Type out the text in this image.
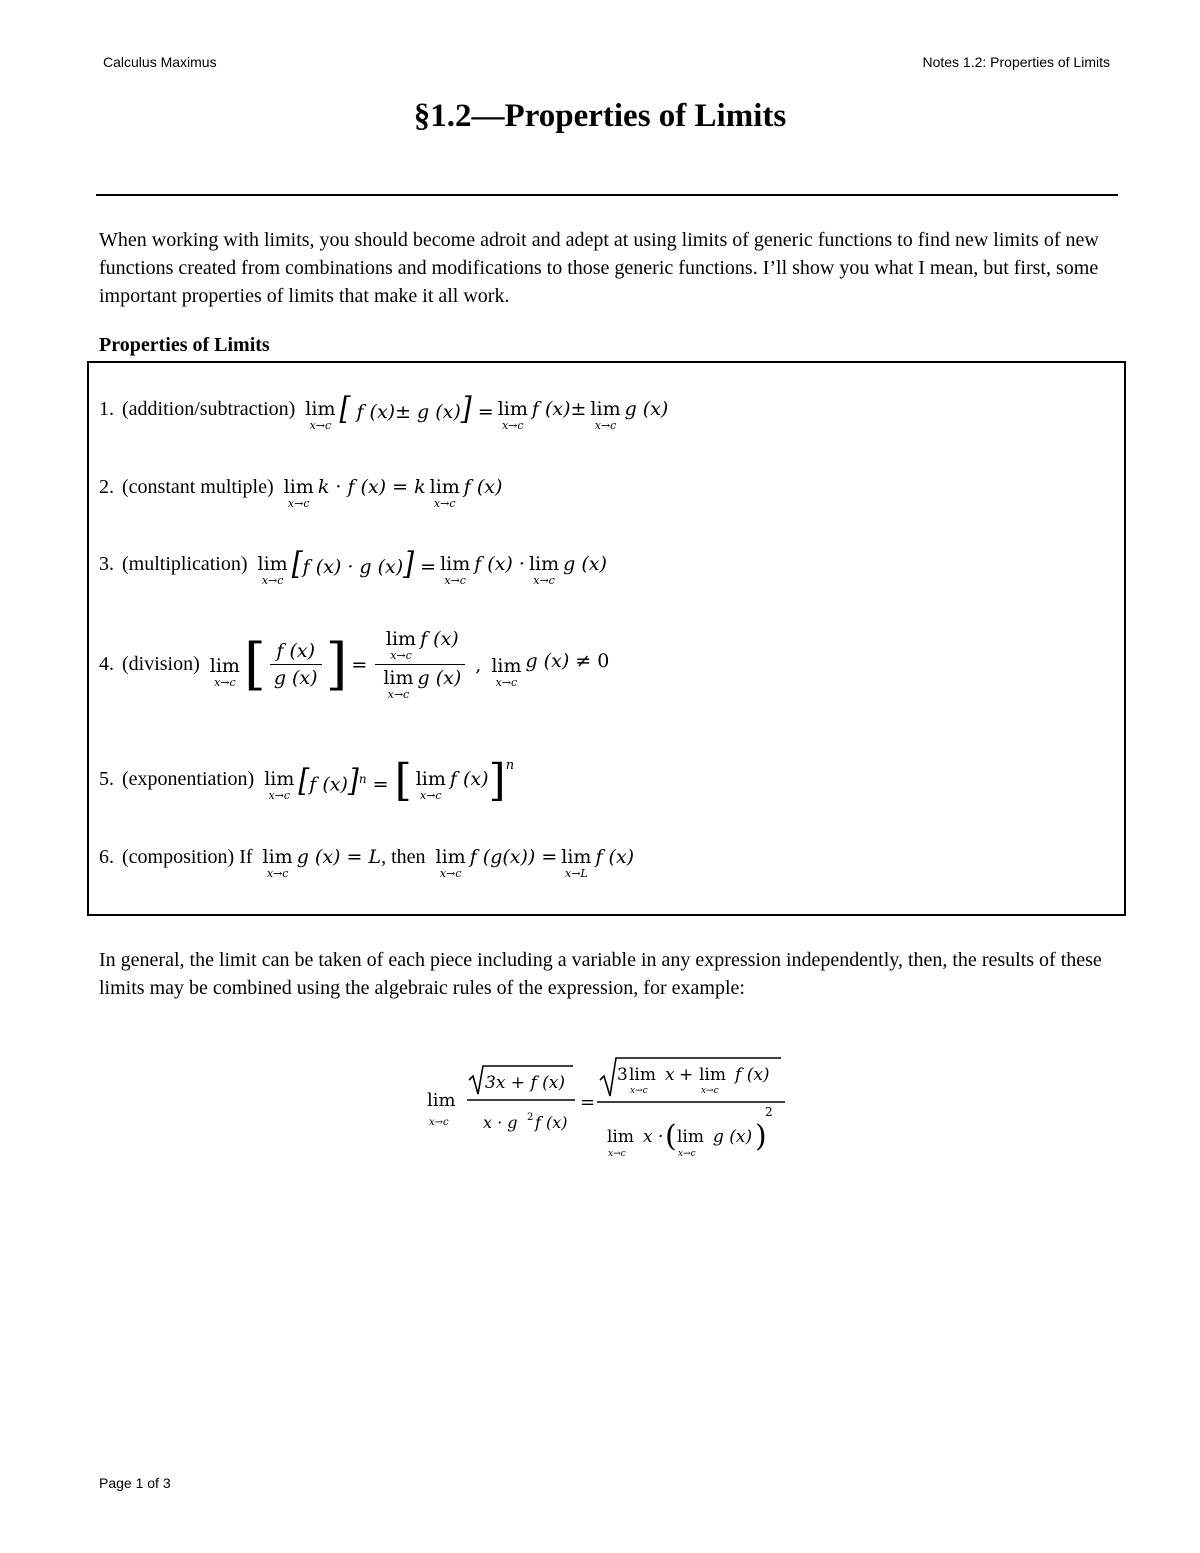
Calculus Maximus	Notes 1.2: Properties of Limits
§1.2—Properties of Limits

When working with limits, you should become adroit and adept at using limits of generic functions to find new limits of new functions created from combinations and modifications to those generic functions. I’ll show you what I mean, but first, some important properties of limits that make it all work.

Properties of Limits
1. (addition/subtraction) lim
x→c [ f (x)± g (x)] = lim
x→c
f (x)± lim
x→c
g (x)
2. (constant multiple) lim
x→c
k · f (x) = k lim
x→c
f (x)
3. (multiplication) lim
x→c [f (x) · g (x)] = lim
x→c
f (x) · lim
x→c
g (x)
4. (division) lim
x→c [ $\frac{f (x)}{g (x)}$ ] = lim
x→c
f (x)
lim
x→c
g (x) , lim
x→c
g (x) ≠ 0
5. (exponentiation) lim
x→c [f (x)]$^n$ = [ lim
x→c
f (x) ] n
6. (composition) If lim
x→c
g (x) = L , then lim
x→c
f (g(x)) = lim
x→L
f (x)

In general, the limit can be taken of each piece including a variable in any expression independently, then, the results of these limits may be combined using the algebraic rules of the expression, for example:

lim
x→c
3x + f (x)
x · g 2 f (x)
=
3 lim
x→c
x + lim
x→c
f (x)
lim
x→c
x · ( lim
x→c
g (x) )
2
Page 1 of 3
